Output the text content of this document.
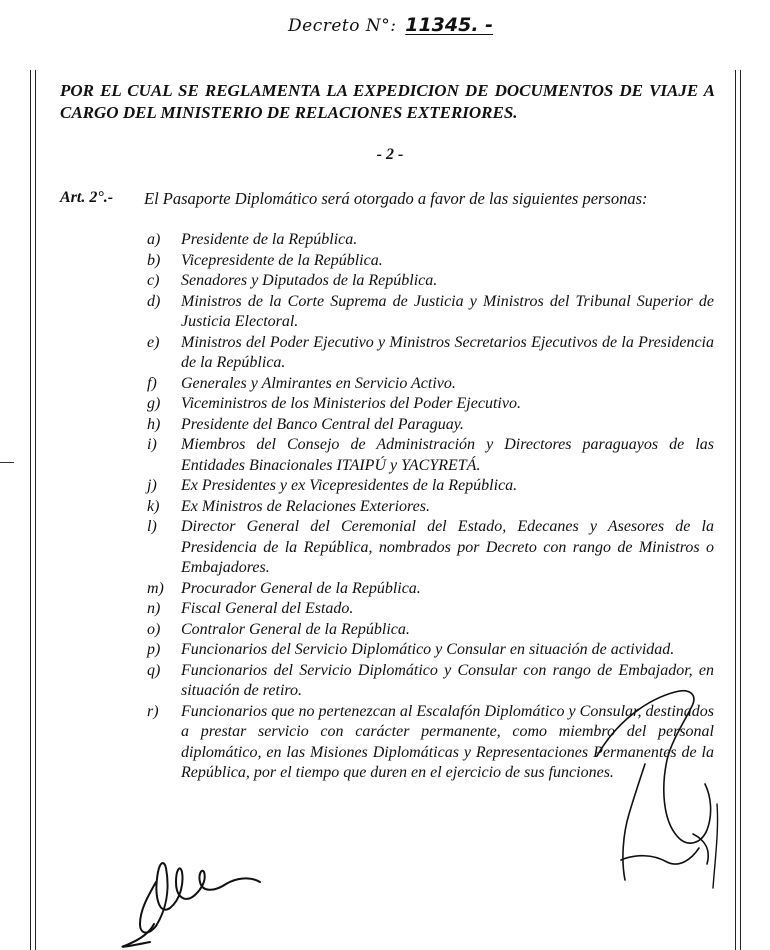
Decreto N°: 11345. -

POR EL CUAL SE REGLAMENTA LA EXPEDICION DE DOCUMENTOS DE VIAJE A CARGO DEL MINISTERIO DE RELACIONES EXTERIORES.

- 2 -
Art. 2°.- El Pasaporte Diplomático será otorgado a favor de las siguientes personas:
a)	Presidente de la República.
b)	Vicepresidente de la República.
c)	Senadores y Diputados de la República.
d)	Ministros de la Corte Suprema de Justicia y Ministros del Tribunal Superior de Justicia Electoral.
e)	Ministros del Poder Ejecutivo y Ministros Secretarios Ejecutivos de la Presidencia de la República.
f)	Generales y Almirantes en Servicio Activo.
g)	Viceministros de los Ministerios del Poder Ejecutivo.
h)	Presidente del Banco Central del Paraguay.
i)	Miembros del Consejo de Administración y Directores paraguayos de las Entidades Binacionales ITAIPÚ y YACYRETÁ.
j)	Ex Presidentes y ex Vicepresidentes de la República.
k)	Ex Ministros de Relaciones Exteriores.
l)	Director General del Ceremonial del Estado, Edecanes y Asesores de la Presidencia de la República, nombrados por Decreto con rango de Ministros o Embajadores.
m)	Procurador General de la República.
n)	Fiscal General del Estado.
o)	Contralor General de la República.
p)	Funcionarios del Servicio Diplomático y Consular en situación de actividad.
q)	Funcionarios del Servicio Diplomático y Consular con rango de Embajador, en situación de retiro.
r)	Funcionarios que no pertenezcan al Escalafón Diplomático y Consular, destinados a prestar servicio con carácter permanente, como miembro del personal diplomático, en las Misiones Diplomáticas y Representaciones Permanentes de la República, por el tiempo que duren en el ejercicio de sus funciones.
